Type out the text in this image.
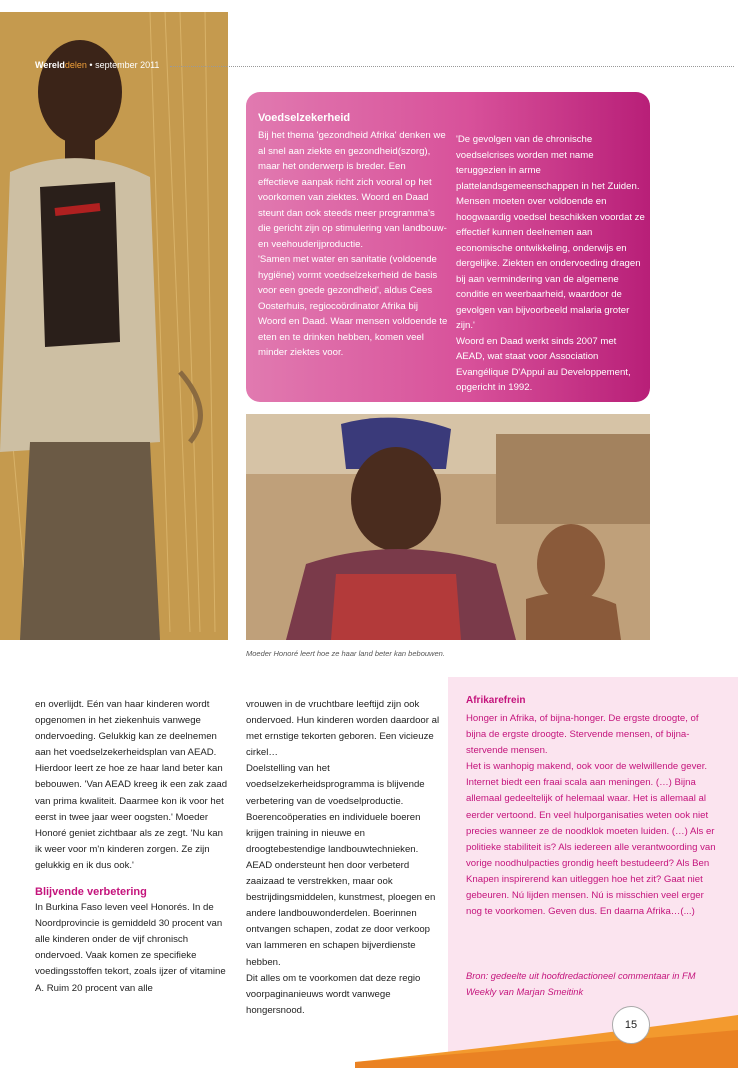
Werelddelen • september 2011
Voedselzekerheid

Bij het thema 'gezondheid Afrika' denken we al snel aan ziekte en gezondheid(szorg), maar het onderwerp is breder. Een effectieve aanpak richt zich vooral op het voorkomen van ziektes. Woord en Daad steunt dan ook steeds meer programma's die gericht zijn op stimulering van landbouw- en veehouderijproductie.

'Samen met water en sanitatie (voldoende hygiëne) vormt voedselzekerheid de basis voor een goede gezondheid', aldus Cees Oosterhuis, regiocoördinator Afrika bij Woord en Daad. Waar mensen voldoende te eten en te drinken hebben, komen veel minder ziektes voor.

'De gevolgen van de chronische voedselcrises worden met name teruggezien in arme plattelandsgemeenschappen in het Zuiden. Mensen moeten over voldoende en hoogwaardig voedsel beschikken voordat ze effectief kunnen deelnemen aan economische ontwikkeling, onderwijs en dergelijke. Ziekten en ondervoeding dragen bij aan vermindering van de algemene conditie en weerbaarheid, waardoor de gevolgen van bijvoorbeeld malaria groter zijn.'

Woord en Daad werkt sinds 2007 met AEAD, wat staat voor Association Evangélique D'Appui au Developpement, opgericht in 1992.

Moeder Honoré leert hoe ze haar land beter kan bebouwen.

en overlijdt. Eén van haar kinderen wordt opgenomen in het ziekenhuis vanwege ondervoeding. Gelukkig kan ze deelnemen aan het voedselzekerheidsplan van AEAD. Hierdoor leert ze hoe ze haar land beter kan bebouwen. 'Van AEAD kreeg ik een zak zaad van prima kwaliteit. Daarmee kon ik voor het eerst in twee jaar weer oogsten.' Moeder Honoré geniet zichtbaar als ze zegt. 'Nu kan ik weer voor m'n kinderen zorgen. Ze zijn gelukkig en ik dus ook.'

Blijvende verbetering

In Burkina Faso leven veel Honorés. In de Noordprovincie is gemiddeld 30 procent van alle kinderen onder de vijf chronisch ondervoed. Vaak komen ze specifieke voedingsstoffen tekort, zoals ijzer of vitamine A. Ruim 20 procent van alle

vrouwen in de vruchtbare leeftijd zijn ook ondervoed. Hun kinderen worden daardoor al met ernstige tekorten geboren. Een vicieuze cirkel…

Doelstelling van het voedselzekerheidsprogramma is blijvende verbetering van de voedselproductie. Boerencoöperaties en individuele boeren krijgen training in nieuwe en droogtebestendige landbouwtechnieken. AEAD ondersteunt hen door verbeterd zaaizaad te verstrekken, maar ook bestrijdingsmiddelen, kunstmest, ploegen en andere landbouwonderdelen. Boerinnen ontvangen schapen, zodat ze door verkoop van lammeren en schapen bijverdienste hebben.

Dit alles om te voorkomen dat deze regio voorpaginanieuws wordt vanwege hongersnood.

Afrikarefrein

Honger in Afrika, of bijna-honger. De ergste droogte, of bijna de ergste droogte. Stervende mensen, of bijna-stervende mensen.

Het is wanhopig makend, ook voor de welwillende gever. Internet biedt een fraai scala aan meningen. (…) Bijna allemaal gedeeltelijk of helemaal waar. Het is allemaal al eerder vertoond. En veel hulporganisaties weten ook niet precies wanneer ze de noodklok moeten luiden. (…) Als er politieke stabiliteit is? Als iedereen alle verantwoording van vorige noodhulpacties grondig heeft bestudeerd? Als Ben Knapen inspirerend kan uitleggen hoe het zit? Gaat niet gebeuren. Nú lijden mensen. Nú is misschien veel erger nog te voorkomen. Geven dus. En daarna Afrika…(...)

Bron: gedeelte uit hoofdredactioneel commentaar in FM Weekly van Marjan Smeitink
15
